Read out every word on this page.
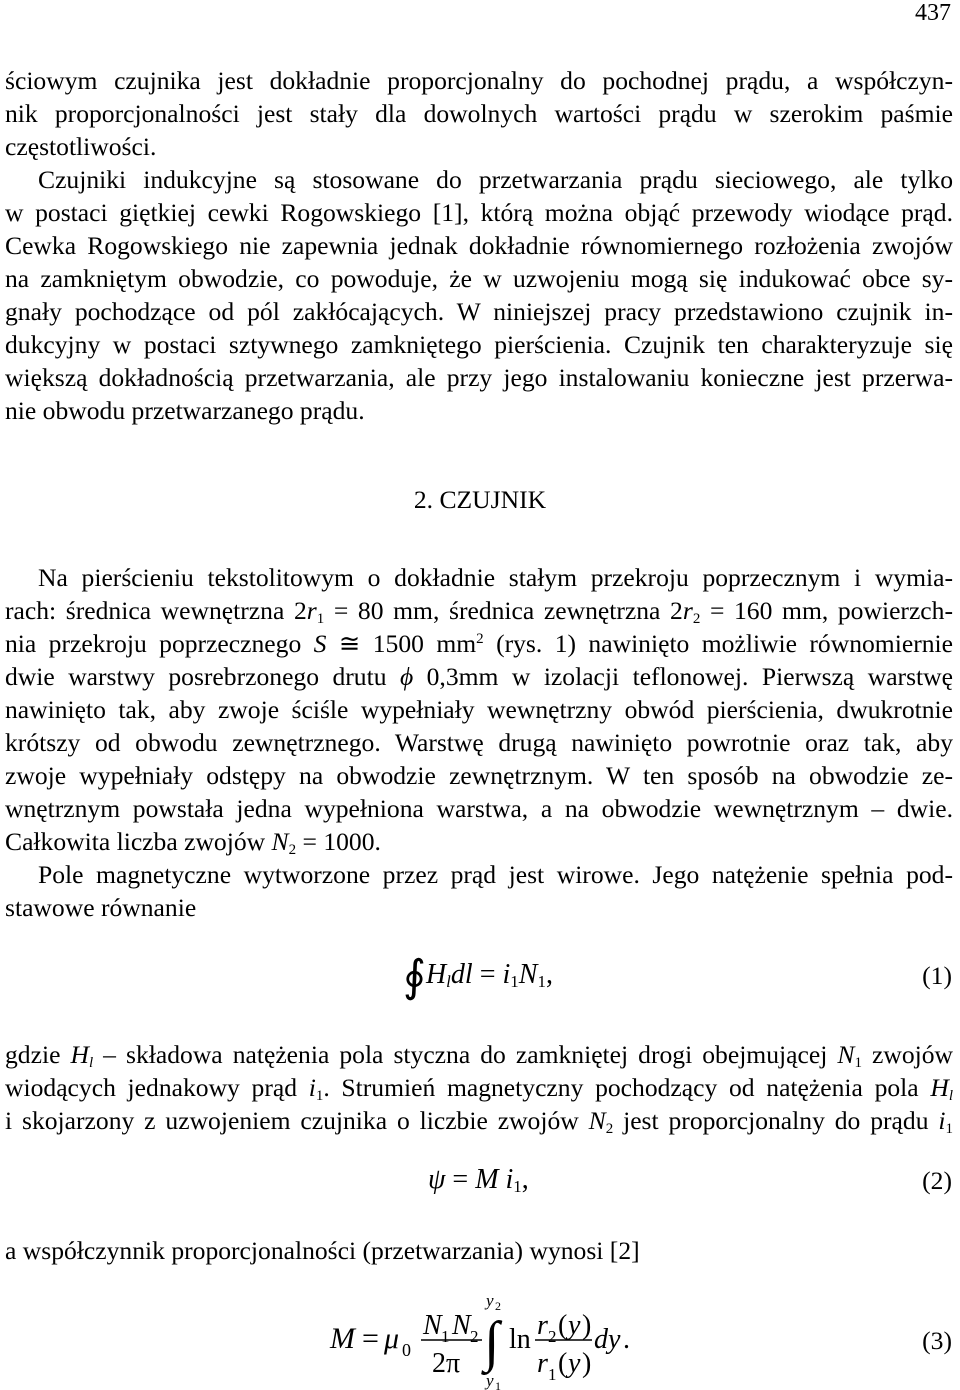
437
ściowym czujnika jest dokładnie proporcjonalny do pochodnej prądu, a współczyn-
nik proporcjonalności jest stały dla dowolnych wartości prądu w szerokim paśmie
częstotliwości.
Czujniki indukcyjne są stosowane do przetwarzania prądu sieciowego, ale tylko
w postaci giętkiej cewki Rogowskiego [1], którą można objąć przewody wiodące prąd.
Cewka Rogowskiego nie zapewnia jednak dokładnie równomiernego rozłożenia zwojów
na zamkniętym obwodzie, co powoduje, że w uzwojeniu mogą się indukować obce sy-
gnały pochodzące od pól zakłócających. W niniejszej pracy przedstawiono czujnik in-
dukcyjny w postaci sztywnego zamkniętego pierścienia. Czujnik ten charakteryzuje się
większą dokładnością przetwarzania, ale przy jego instalowaniu konieczne jest przerwa-
nie obwodu przetwarzanego prądu.
2. CZUJNIK
Na pierścieniu tekstolitowym o dokładnie stałym przekroju poprzecznym i wymia-
rach: średnica wewnętrzna $2r_1 = 80$ mm, średnica zewnętrzna $2r_2 = 160$ mm, powierzch-
nia przekroju poprzecznego S ≅ 1500 $mm^2$ (rys. 1) nawinięto możliwie równomiernie
dwie warstwy posrebrzonego drutu ϕ 0,3mm w izolacji teflonowej. Pierwszą warstwę
nawinięto tak, aby zwoje ściśle wypełniały wewnętrzny obwód pierścienia, dwukrotnie
krótszy od obwodu zewnętrznego. Warstwę drugą nawinięto powrotnie oraz tak, aby
zwoje wypełniały odstępy na obwodzie zewnętrznym. W ten sposób na obwodzie ze-
wnętrznym powstała jedna wypełniona warstwa, a na obwodzie wewnętrznym – dwie.
Całkowita liczba zwojów $N_2 = 1000$.
Pole magnetyczne wytworzone przez prąd jest wirowe. Jego natężenie spełnia pod-
stawowe równanie
$∮H_ldl = i_1N_1$,	(1)
gdzie $H_l$ – składowa natężenia pola styczna do zamkniętej drogi obejmującej $N_1$ zwojów
wiodących jednakowy prąd $i_1$. Strumień magnetyczny pochodzący od natężenia pola $H_l$
i skojarzony z uzwojeniem czujnika o liczbie zwojów $N_2$ jest proporcjonalny do prądu $i_1$
ψ = M $i_1$,	(2)
a współczynnik proporcjonalności (przetwarzania) wynosi [2]
M = μ 0
N 1 N 2
2π ∫
y 2
y 1
ln r 2 ( y )
r 1 ( y )
dy .	(3)
